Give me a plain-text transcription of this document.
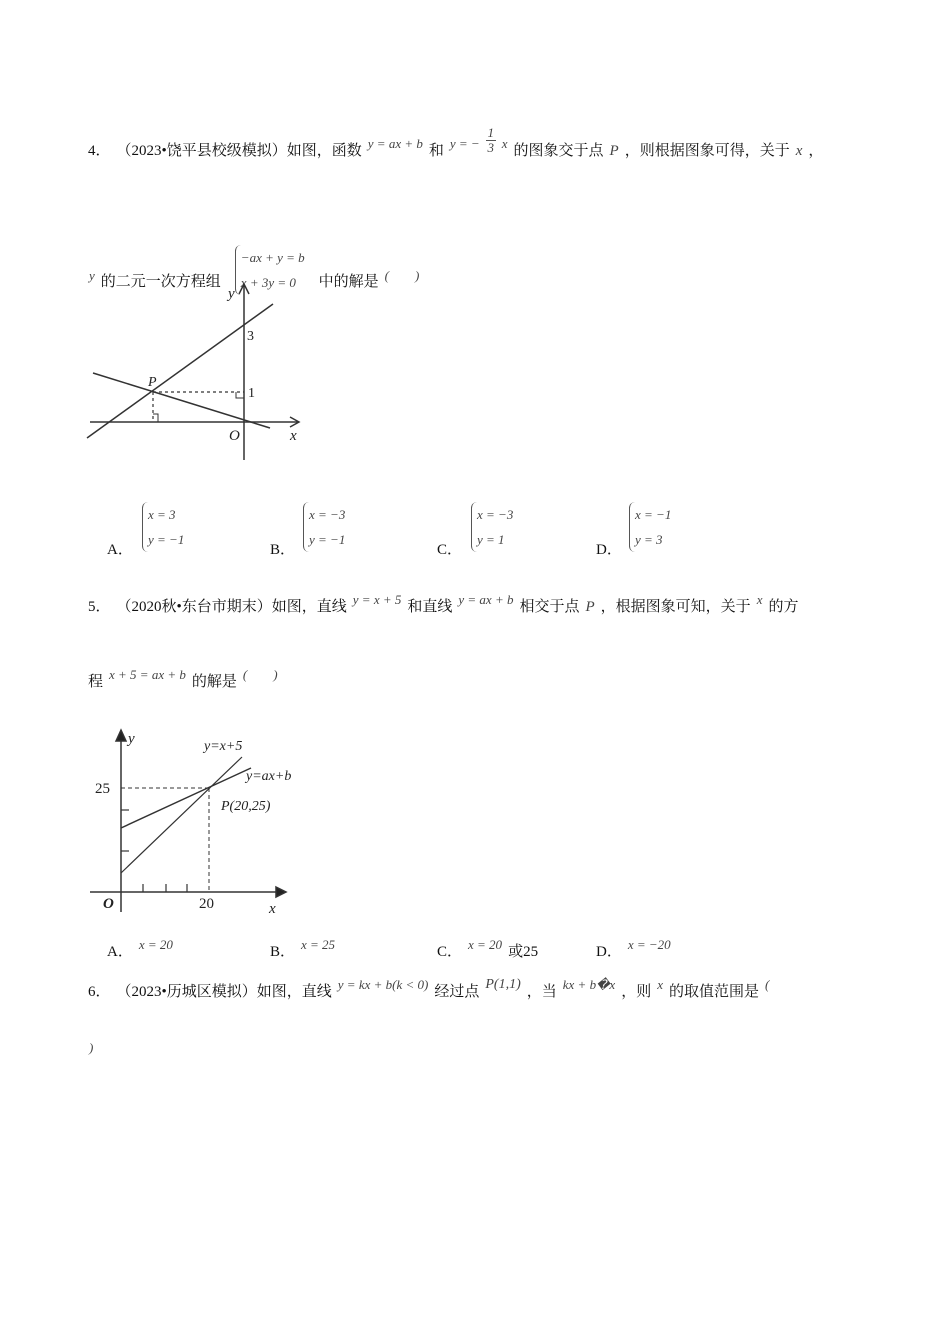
4． （2023•饶平县校级模拟）如图，函数 y = ax + b 和 y = − $\frac{1}{3}$ x 的图象交于点 P ，则根据图象可得，关于 x ，
y 的二元一次方程组
−ax + y = b
x + 3y = 0	中的解是 (　　)
y
3
P
1
O	x
A．
x = 3
y = −1
B．
x = −3
y = −1
C．
x = −3
y = 1
D．
x = −1
y = 3
5． （2020秋•东台市期末）如图，直线 y = x + 5 和直线 y = ax + b 相交于点 P ，根据图象可知，关于 x 的方
程 x + 5 = ax + b 的解是 (　　)
y	y=x+5
y=ax+b
25
P(20,25)
O	20	x
A． x = 20	B． x = 25	C． x = 20 或25	D． x = −20
6． （2023•历城区模拟）如图，直线 y = kx + b(k < 0) 经过点 P(1,1) ，当 kx + b�x ，则 x 的取值范围是 (
)
